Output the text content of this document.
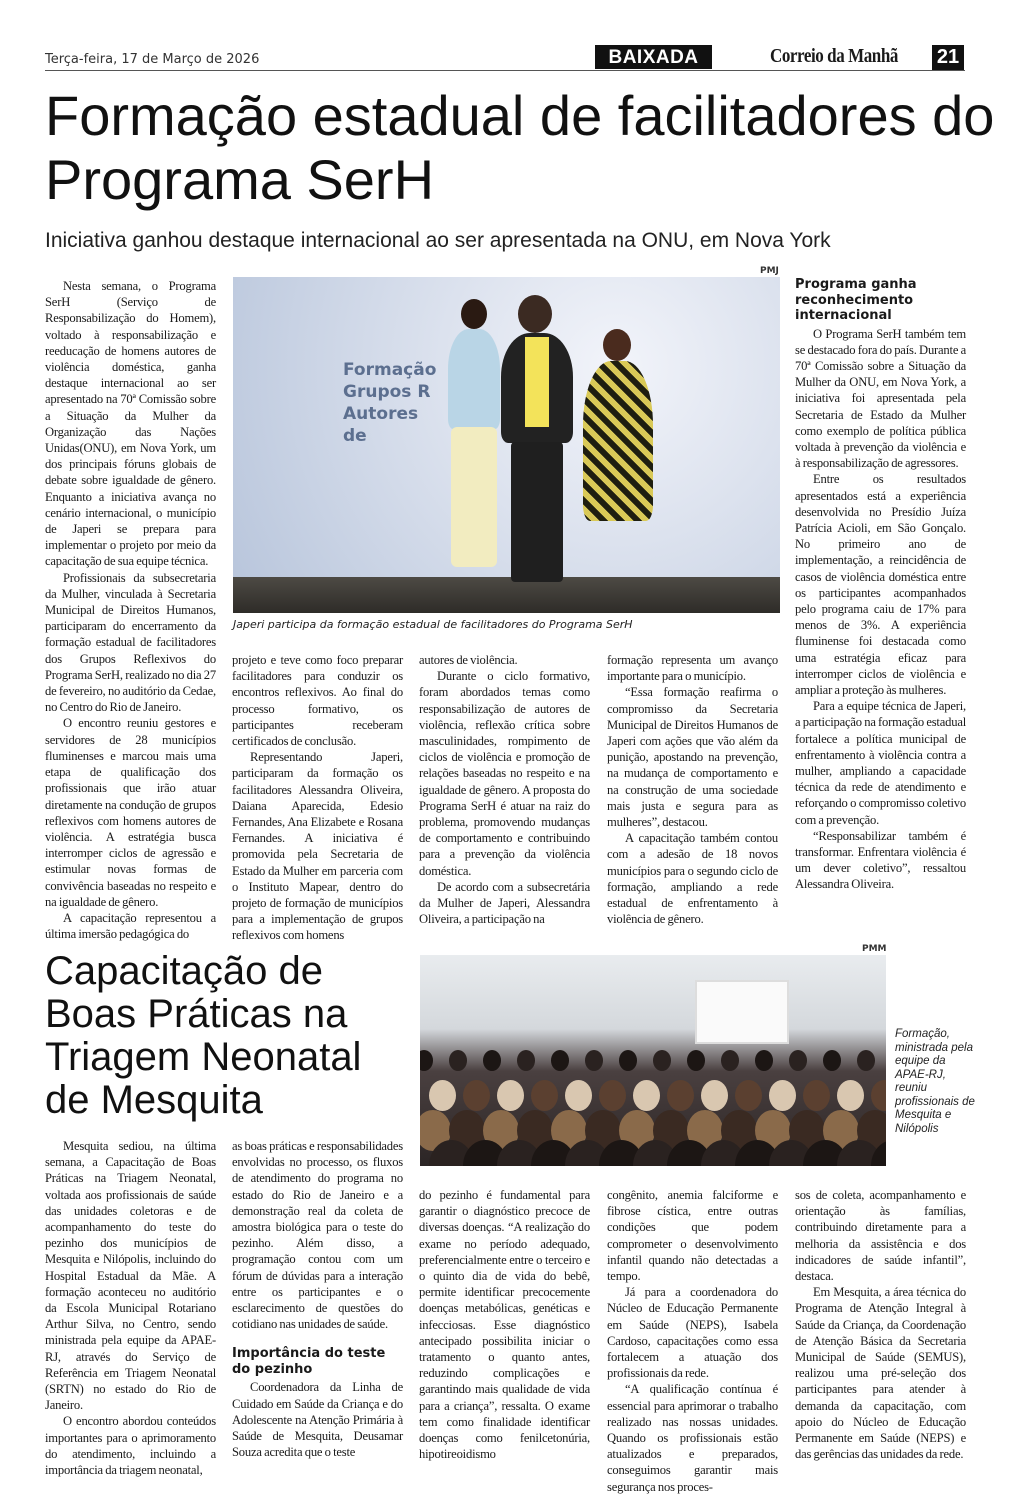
Terça-feira, 17 de Março de 2026	BAIXADA	Correio da Manhã 21
Formação estadual de facilitadores do Programa SerH
Iniciativa ganhou destaque internacional ao ser apresentada na ONU, em Nova York

Nesta semana, o Programa SerH (Serviço de Responsabilização do Homem), voltado à responsabilização e reeducação de homens autores de violência doméstica, ganha destaque internacional ao ser apresentado na 70ª Comissão sobre a Situação da Mulher da Organização das Nações Unidas(ONU), em Nova York, um dos principais fóruns globais de debate sobre igualdade de gênero. Enquanto a iniciativa avança no cenário internacional, o município de Japeri se prepara para implementar o projeto por meio da capacitação de sua equipe técnica.

Profissionais da subsecretaria da Mulher, vinculada à Secretaria Municipal de Direitos Humanos, participaram do encerramento da formação estadual de facilitadores dos Grupos Reflexivos do Programa SerH, realizado no dia 27 de fevereiro, no auditório da Cedae, no Centro do Rio de Janeiro.

O encontro reuniu gestores e servidores de 28 municípios fluminenses e marcou mais uma etapa de qualificação dos profissionais que irão atuar diretamente na condução de grupos reflexivos com homens autores de violência. A estratégia busca interromper ciclos de agressão e estimular novas formas de convivência baseadas no respeito e na igualdade de gênero.

A capacitação representou a última imersão pedagógica do

Formação Grupos R Autores de
PMJ
Japeri participa da formação estadual de facilitadores do Programa SerH

projeto e teve como foco preparar facilitadores para conduzir os encontros reflexivos. Ao final do processo formativo, os participantes receberam certificados de conclusão.

Representando Japeri, participaram da formação os facilitadores Alessandra Oliveira, Daiana Aparecida, Edesio Fernandes, Ana Elizabete e Rosana Fernandes. A iniciativa é promovida pela Secretaria de Estado da Mulher em parceria com o Instituto Mapear, dentro do projeto de formação de municípios para a implementação de grupos reflexivos com homens

autores de violência.

Durante o ciclo formativo, foram abordados temas como responsabilização de autores de violência, reflexão crítica sobre masculinidades, rompimento de ciclos de violência e promoção de relações baseadas no respeito e na igualdade de gênero. A proposta do Programa SerH é atuar na raiz do problema, promovendo mudanças de comportamento e contribuindo para a prevenção da violência doméstica.

De acordo com a subsecretária da Mulher de Japeri, Alessandra Oliveira, a participação na

formação representa um avanço importante para o município.

“Essa formação reafirma o compromisso da Secretaria Municipal de Direitos Humanos de Japeri com ações que vão além da punição, apostando na prevenção, na mudança de comportamento e na construção de uma sociedade mais justa e segura para as mulheres”, destacou.

A capacitação também contou com a adesão de 18 novos municípios para o segundo ciclo de formação, ampliando a rede estadual de enfrentamento à violência de gênero.

Programa ganha reconhecimento internacional

O Programa SerH também tem se destacado fora do país. Durante a 70ª Comissão sobre a Situação da Mulher da ONU, em Nova York, a iniciativa foi apresentada pela Secretaria de Estado da Mulher como exemplo de política pública voltada à prevenção da violência e à responsabilização de agressores.

Entre os resultados apresentados está a experiência desenvolvida no Presídio Juíza Patrícia Acioli, em São Gonçalo. No primeiro ano de implementação, a reincidência de casos de violência doméstica entre os participantes acompanhados pelo programa caiu de 17% para menos de 3%. A experiência fluminense foi destacada como uma estratégia eficaz para interromper ciclos de violência e ampliar a proteção às mulheres.

Para a equipe técnica de Japeri, a participação na formação estadual fortalece a política municipal de enfrentamento à violência contra a mulher, ampliando a capacidade técnica da rede de atendimento e reforçando o compromisso coletivo com a prevenção.

“Responsabilizar também é transformar. Enfrentara violência é um dever coletivo”, ressaltou Alessandra Oliveira.

Capacitação de Boas Práticas na Triagem Neonatal de Mesquita
PMM
Formação, ministrada pela equipe da APAE-RJ, reuniu profissionais de Mesquita e Nilópolis

Mesquita sediou, na última semana, a Capacitação de Boas Práticas na Triagem Neonatal, voltada aos profissionais de saúde das unidades coletoras e de acompanhamento do teste do pezinho dos municípios de Mesquita e Nilópolis, incluindo do Hospital Estadual da Mãe. A formação aconteceu no auditório da Escola Municipal Rotariano Arthur Silva, no Centro, sendo ministrada pela equipe da APAE-RJ, através do Serviço de Referência em Triagem Neonatal (SRTN) no estado do Rio de Janeiro.

O encontro abordou conteúdos importantes para o aprimoramento do atendimento, incluindo a importância da triagem neonatal,

as boas práticas e responsabilidades envolvidas no processo, os fluxos de atendimento do programa no estado do Rio de Janeiro e a demonstração real da coleta de amostra biológica para o teste do pezinho. Além disso, a programação contou com um fórum de dúvidas para a interação entre os participantes e o esclarecimento de questões do cotidiano nas unidades de saúde.

Importância do teste do pezinho

Coordenadora da Linha de Cuidado em Saúde da Criança e do Adolescente na Atenção Primária à Saúde de Mesquita, Deusamar Souza acredita que o teste

do pezinho é fundamental para garantir o diagnóstico precoce de diversas doenças. “A realização do exame no período adequado, preferencialmente entre o terceiro e o quinto dia de vida do bebê, permite identificar precocemente doenças metabólicas, genéticas e infecciosas. Esse diagnóstico antecipado possibilita iniciar o tratamento o quanto antes, reduzindo complicações e garantindo mais qualidade de vida para a criança”, ressalta. O exame tem como finalidade identificar doenças como fenilcetonúria, hipotireoidismo

congênito, anemia falciforme e fibrose cística, entre outras condições que podem comprometer o desenvolvimento infantil quando não detectadas a tempo.

Já para a coordenadora do Núcleo de Educação Permanente em Saúde (NEPS), Isabela Cardoso, capacitações como essa fortalecem a atuação dos profissionais da rede.

“A qualificação contínua é essencial para aprimorar o trabalho realizado nas nossas unidades. Quando os profissionais estão atualizados e preparados, conseguimos garantir mais segurança nos proces-

sos de coleta, acompanhamento e orientação às famílias, contribuindo diretamente para a melhoria da assistência e dos indicadores de saúde infantil”, destaca.

Em Mesquita, a área técnica do Programa de Atenção Integral à Saúde da Criança, da Coordenação de Atenção Básica da Secretaria Municipal de Saúde (SEMUS), realizou uma pré-seleção dos participantes para atender à demanda da capacitação, com apoio do Núcleo de Educação Permanente em Saúde (NEPS) e das gerências das unidades da rede.
